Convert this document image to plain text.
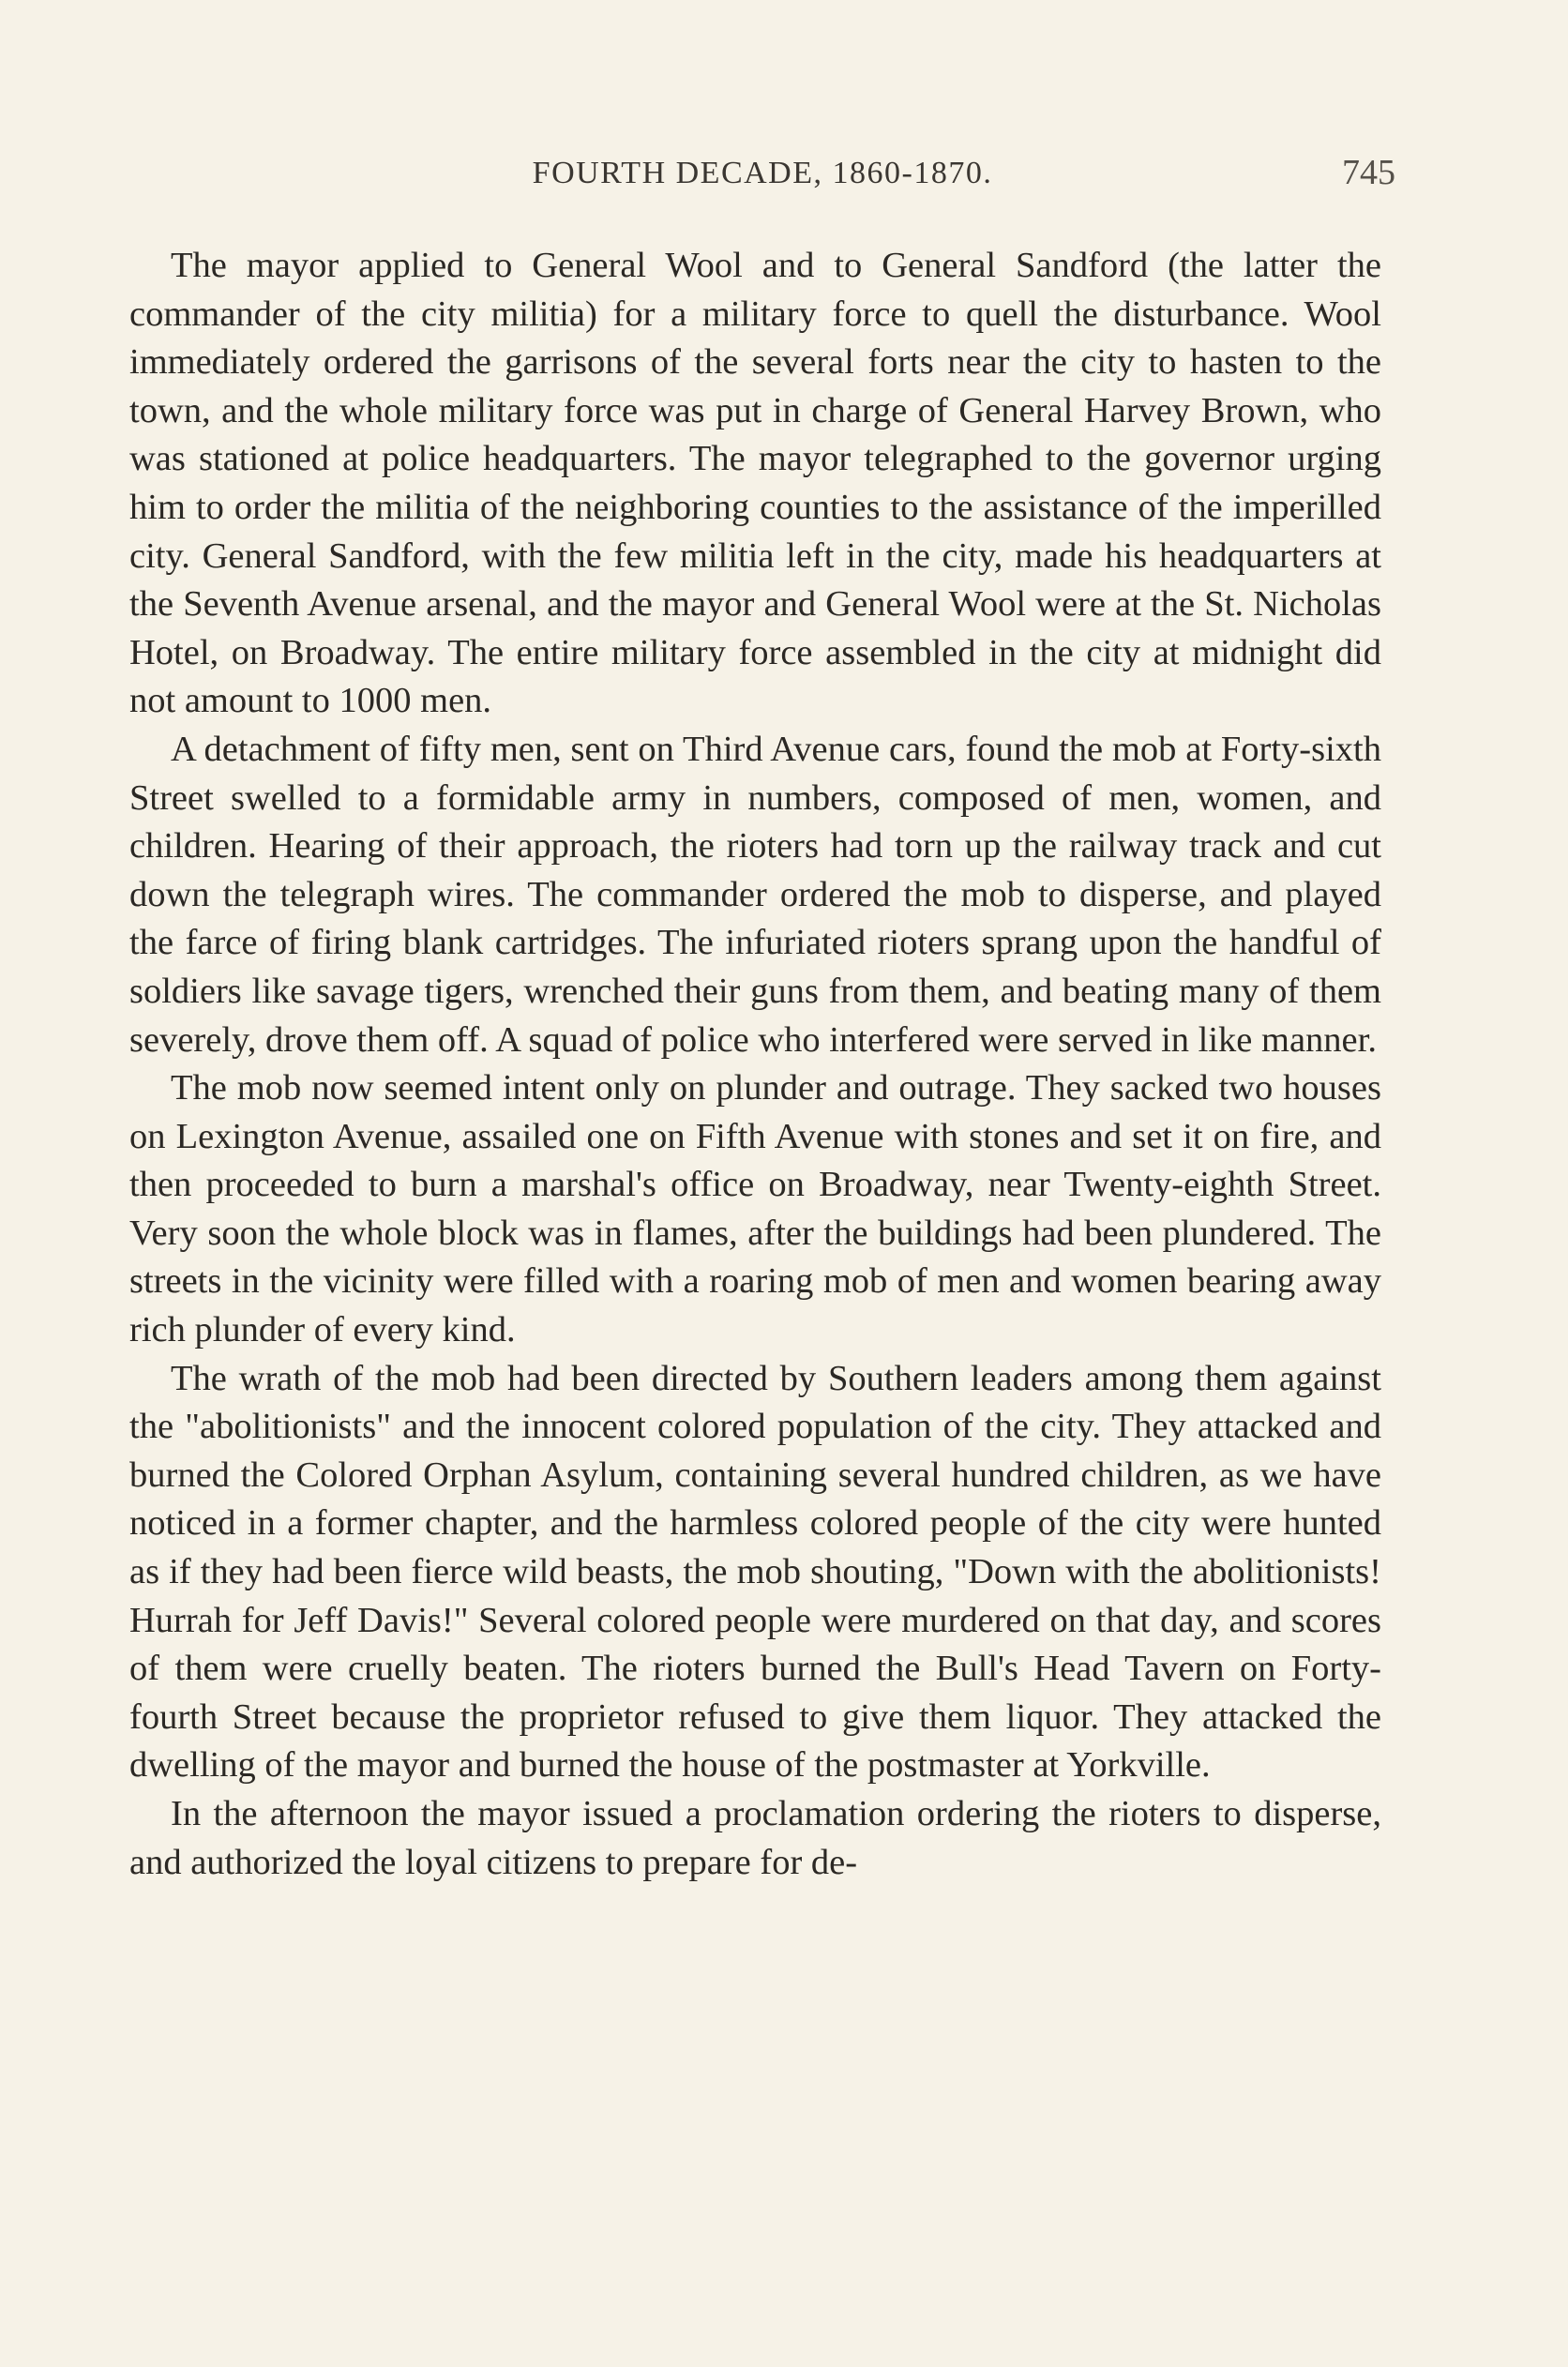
FOURTH DECADE, 1860-1870.	745

The mayor applied to General Wool and to General Sandford (the latter the commander of the city militia) for a military force to quell the disturbance. Wool immediately ordered the garrisons of the several forts near the city to hasten to the town, and the whole military force was put in charge of General Harvey Brown, who was stationed at police headquarters. The mayor telegraphed to the governor urging him to order the militia of the neighboring counties to the assistance of the imperilled city. General Sandford, with the few militia left in the city, made his headquarters at the Seventh Avenue arsenal, and the mayor and General Wool were at the St. Nicholas Hotel, on Broadway. The entire military force assembled in the city at midnight did not amount to 1000 men.

A detachment of fifty men, sent on Third Avenue cars, found the mob at Forty-sixth Street swelled to a formidable army in numbers, composed of men, women, and children. Hearing of their approach, the rioters had torn up the railway track and cut down the telegraph wires. The commander ordered the mob to disperse, and played the farce of firing blank cartridges. The infuriated rioters sprang upon the handful of soldiers like savage tigers, wrenched their guns from them, and beating many of them severely, drove them off. A squad of police who interfered were served in like manner.

The mob now seemed intent only on plunder and outrage. They sacked two houses on Lexington Avenue, assailed one on Fifth Avenue with stones and set it on fire, and then proceeded to burn a marshal's office on Broadway, near Twenty-eighth Street. Very soon the whole block was in flames, after the buildings had been plundered. The streets in the vicinity were filled with a roaring mob of men and women bearing away rich plunder of every kind.

The wrath of the mob had been directed by Southern leaders among them against the "abolitionists" and the innocent colored population of the city. They attacked and burned the Colored Orphan Asylum, containing several hundred children, as we have noticed in a former chapter, and the harmless colored people of the city were hunted as if they had been fierce wild beasts, the mob shouting, "Down with the abolitionists! Hurrah for Jeff Davis!" Several colored people were murdered on that day, and scores of them were cruelly beaten. The rioters burned the Bull's Head Tavern on Forty-fourth Street because the proprietor refused to give them liquor. They attacked the dwelling of the mayor and burned the house of the postmaster at Yorkville.

In the afternoon the mayor issued a proclamation ordering the rioters to disperse, and authorized the loyal citizens to prepare for de-
